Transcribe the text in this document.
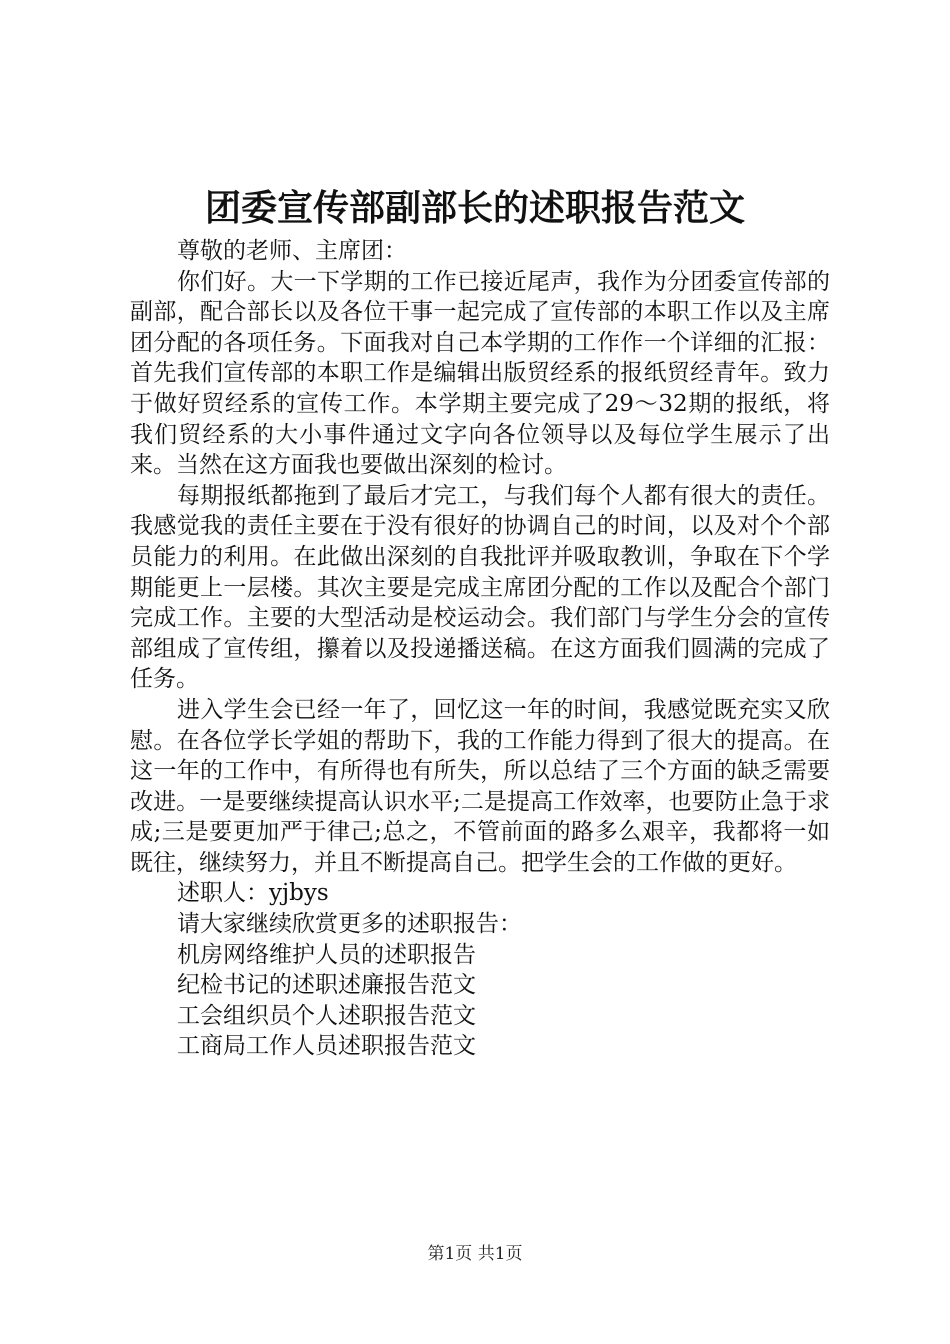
团委宣传部副部长的述职报告范文
尊敬的老师、主席团：

你们好。大一下学期的工作已接近尾声，我作为分团委宣传部的副部，配合部长以及各位干事一起完成了宣传部的本职工作以及主席团分配的各项任务。下面我对自己本学期的工作作一个详细的汇报：首先我们宣传部的本职工作是编辑出版贸经系的报纸贸经青年。致力于做好贸经系的宣传工作。本学期主要完成了29～32期的报纸，将我们贸经系的大小事件通过文字向各位领导以及每位学生展示了出来。当然在这方面我也要做出深刻的检讨。

每期报纸都拖到了最后才完工，与我们每个人都有很大的责任。我感觉我的责任主要在于没有很好的协调自己的时间，以及对个个部员能力的利用。在此做出深刻的自我批评并吸取教训，争取在下个学期能更上一层楼。其次主要是完成主席团分配的工作以及配合个部门完成工作。主要的大型活动是校运动会。我们部门与学生分会的宣传部组成了宣传组，攥着以及投递播送稿。在这方面我们圆满的完成了任务。

进入学生会已经一年了，回忆这一年的时间，我感觉既充实又欣慰。在各位学长学姐的帮助下，我的工作能力得到了很大的提高。在这一年的工作中，有所得也有所失，所以总结了三个方面的缺乏需要改进。一是要继续提高认识水平;二是提高工作效率，也要防止急于求成;三是要更加严于律己;总之，不管前面的路多么艰辛，我都将一如既往，继续努力，并且不断提高自己。把学生会的工作做的更好。

述职人：yjbys
请大家继续欣赏更多的述职报告：
机房网络维护人员的述职报告
纪检书记的述职述廉报告范文
工会组织员个人述职报告范文
工商局工作人员述职报告范文
第1页 共1页
